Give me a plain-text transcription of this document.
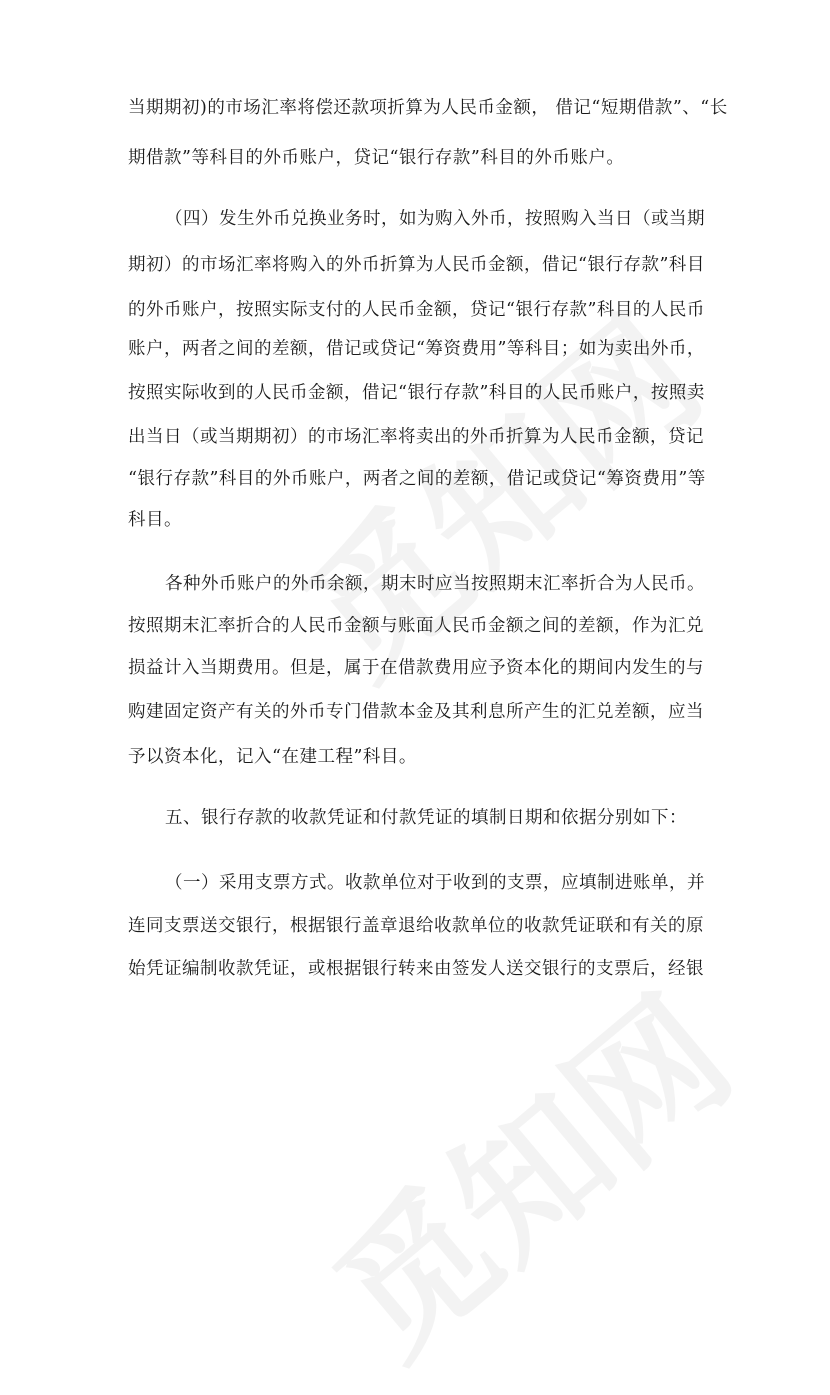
当期期初)的市场汇率将偿还款项折算为人民币金额， 借记“短期借款”、“长
期借款”等科目的外币账户，贷记“银行存款”科目的外币账户。
（四）发生外币兑换业务时，如为购入外币，按照购入当日（或当期
期初）的市场汇率将购入的外币折算为人民币金额，借记“银行存款”科目
的外币账户，按照实际支付的人民币金额，贷记“银行存款”科目的人民币
账户，两者之间的差额，借记或贷记“筹资费用”等科目；如为卖出外币，
按照实际收到的人民币金额，借记“银行存款”科目的人民币账户，按照卖
出当日（或当期期初）的市场汇率将卖出的外币折算为人民币金额，贷记
“银行存款”科目的外币账户，两者之间的差额，借记或贷记“筹资费用”等
科目。
各种外币账户的外币余额，期末时应当按照期末汇率折合为人民币。
按照期末汇率折合的人民币金额与账面人民币金额之间的差额，作为汇兑
损益计入当期费用。但是，属于在借款费用应予资本化的期间内发生的与
购建固定资产有关的外币专门借款本金及其利息所产生的汇兑差额，应当
予以资本化，记入“在建工程”科目。
五、银行存款的收款凭证和付款凭证的填制日期和依据分别如下：
（一）采用支票方式。收款单位对于收到的支票，应填制进账单，并
连同支票送交银行，根据银行盖章退给收款单位的收款凭证联和有关的原
始凭证编制收款凭证，或根据银行转来由签发人送交银行的支票后，经银
